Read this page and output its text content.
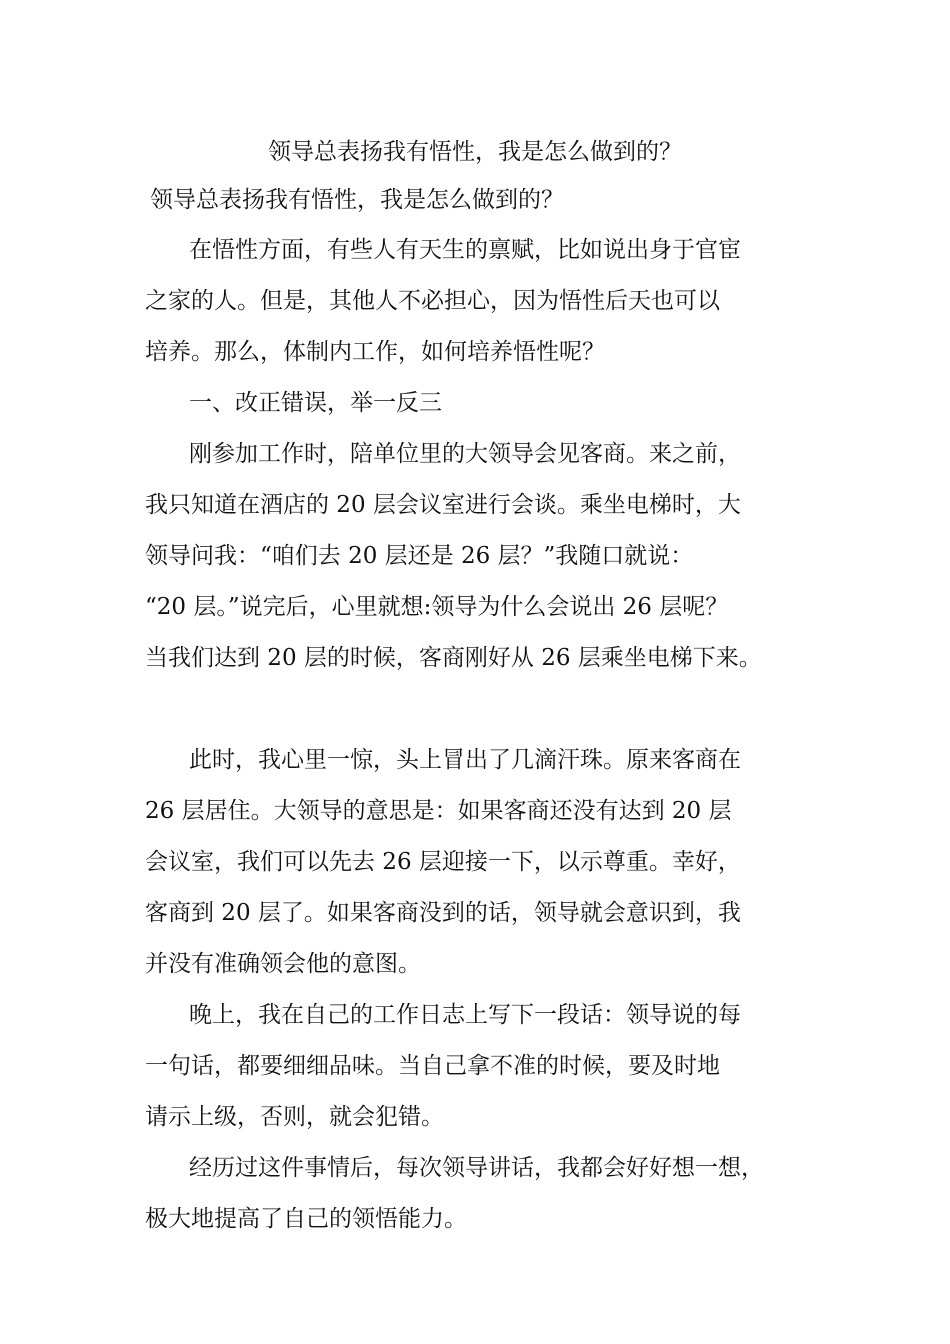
领导总表扬我有悟性，我是怎么做到的？
领导总表扬我有悟性，我是怎么做到的？
在悟性方面，有些人有天生的禀赋，比如说出身于官宦
之家的人。但是，其他人不必担心，因为悟性后天也可以
培养。那么，体制内工作，如何培养悟性呢？
一、改正错误，举一反三
刚参加工作时，陪单位里的大领导会见客商。来之前，
我只知道在酒店的 20 层会议室进行会谈。乘坐电梯时，大
领导问我：“咱们去 20 层还是 26 层？”我随口就说：
“20 层。”说完后，心里就想:领导为什么会说出 26 层呢？
当我们达到 20 层的时候，客商刚好从 26 层乘坐电梯下来。
此时，我心里一惊，头上冒出了几滴汗珠。原来客商在
26 层居住。大领导的意思是：如果客商还没有达到 20 层
会议室，我们可以先去 26 层迎接一下，以示尊重。幸好，
客商到 20 层了。如果客商没到的话，领导就会意识到，我
并没有准确领会他的意图。
晚上，我在自己的工作日志上写下一段话：领导说的每
一句话，都要细细品味。当自己拿不准的时候，要及时地
请示上级，否则，就会犯错。
经历过这件事情后，每次领导讲话，我都会好好想一想，
极大地提高了自己的领悟能力。
